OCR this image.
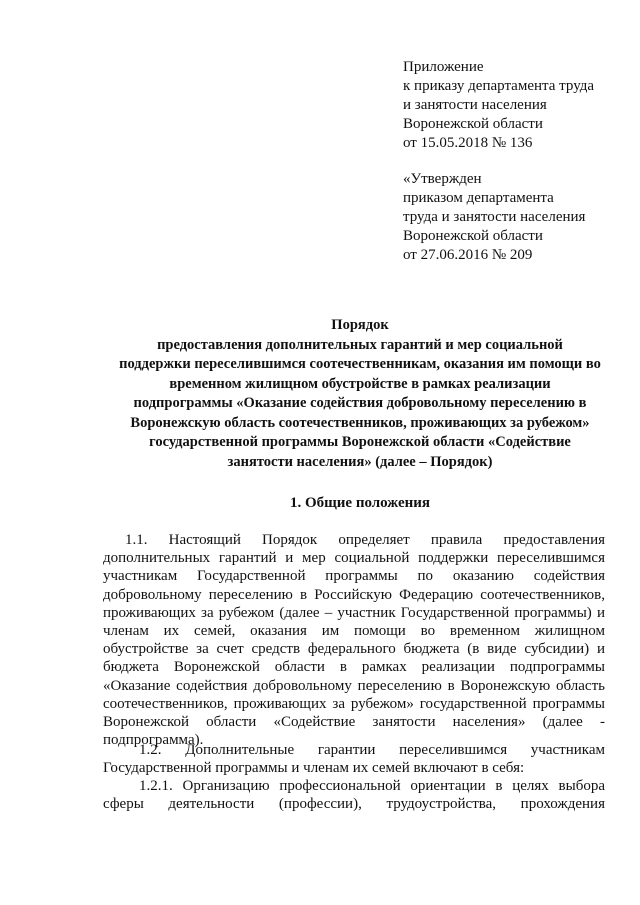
Приложение
к приказу департамента труда
и занятости населения
Воронежской области
от 15.05.2018 № 136
«Утвержден
приказом департамента
труда и занятости населения
Воронежской области
от 27.06.2016 № 209
Порядок
предоставления дополнительных гарантий и мер социальной
поддержки переселившимся соотечественникам, оказания им помощи во
временном жилищном обустройстве в рамках реализации
подпрограммы «Оказание содействия добровольному переселению в
Воронежскую область соотечественников, проживающих за рубежом»
государственной программы Воронежской области «Содействие
занятости населения» (далее – Порядок)
1. Общие положения
1.1. Настоящий Порядок определяет правила предоставления
дополнительных гарантий и мер социальной поддержки переселившимся
участникам Государственной программы по оказанию содействия
добровольному переселению в Российскую Федерацию соотечественников,
проживающих за рубежом (далее – участник Государственной программы) и
членам их семей, оказания им помощи во временном жилищном
обустройстве за счет средств федерального бюджета (в виде субсидии) и
бюджета Воронежской области в рамках реализации подпрограммы
«Оказание содействия добровольному переселению в Воронежскую область
соотечественников, проживающих за рубежом» государственной программы
Воронежской области «Содействие занятости населения» (далее -
подпрограмма).
1.2. Дополнительные гарантии переселившимся участникам
Государственной программы и членам их семей включают в себя:
1.2.1. Организацию профессиональной ориентации в целях выбора
сферы деятельности (профессии), трудоустройства, прохождения
